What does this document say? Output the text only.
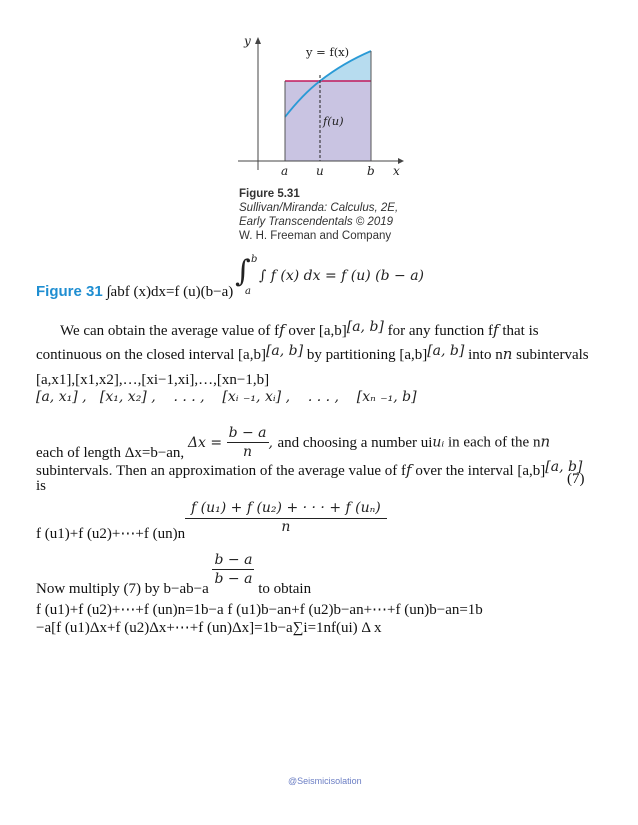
y
y = f(x)
f(u)
a u	b x
Figure 5.31
Sullivan/Miranda: Calculus, 2E,
Early Transcendentals © 2019
W. H. Freeman and Company
Figure 31 ∫abf (x)dx=f (u)(b−a)
∫ b
a
∫ f (x) dx = f (u) (b − a)
We can obtain the average value of ff over [a,b][a, b] for any function ff that is
continuous on the closed interval [a,b][a, b] by partitioning [a,b][a, b] into nn subintervals
[a,x1],[x1,x2],…,[xi−1,xi],…,[xn−1,b]
[a, x₁] ,   [x₁, x₂] ,    . . . ,    [xᵢ ₋₁, xᵢ] ,    . . . ,    [xₙ ₋₁, b]
each of length Δx=b−an, $\Delta x = \frac{b - a}{n}$ , and choosing a number uiuᵢ in each of the nn
subintervals. Then an approximation of the average value of ff over the interval [a,b][a, b]
is	(7)
$\frac{\text{f (u₁) + f (u₂) + · · · + f (uₙ)}}{n}$
f (u1)+f (u2)+⋯+f (un)n
Now multiply (7) by b−ab−a
$\frac{b - a}{b - a}$
to obtain
f (u1)+f (u2)+⋯+f (un)n=1b−a f (u1)b−an+f (u2)b−an+⋯+f (un)b−an=1b
−a[f (u1)Δx+f (u2)Δx+⋯+f (un)Δx]=1b−a∑i=1nf(ui) Δ x
@Seismicisolation
